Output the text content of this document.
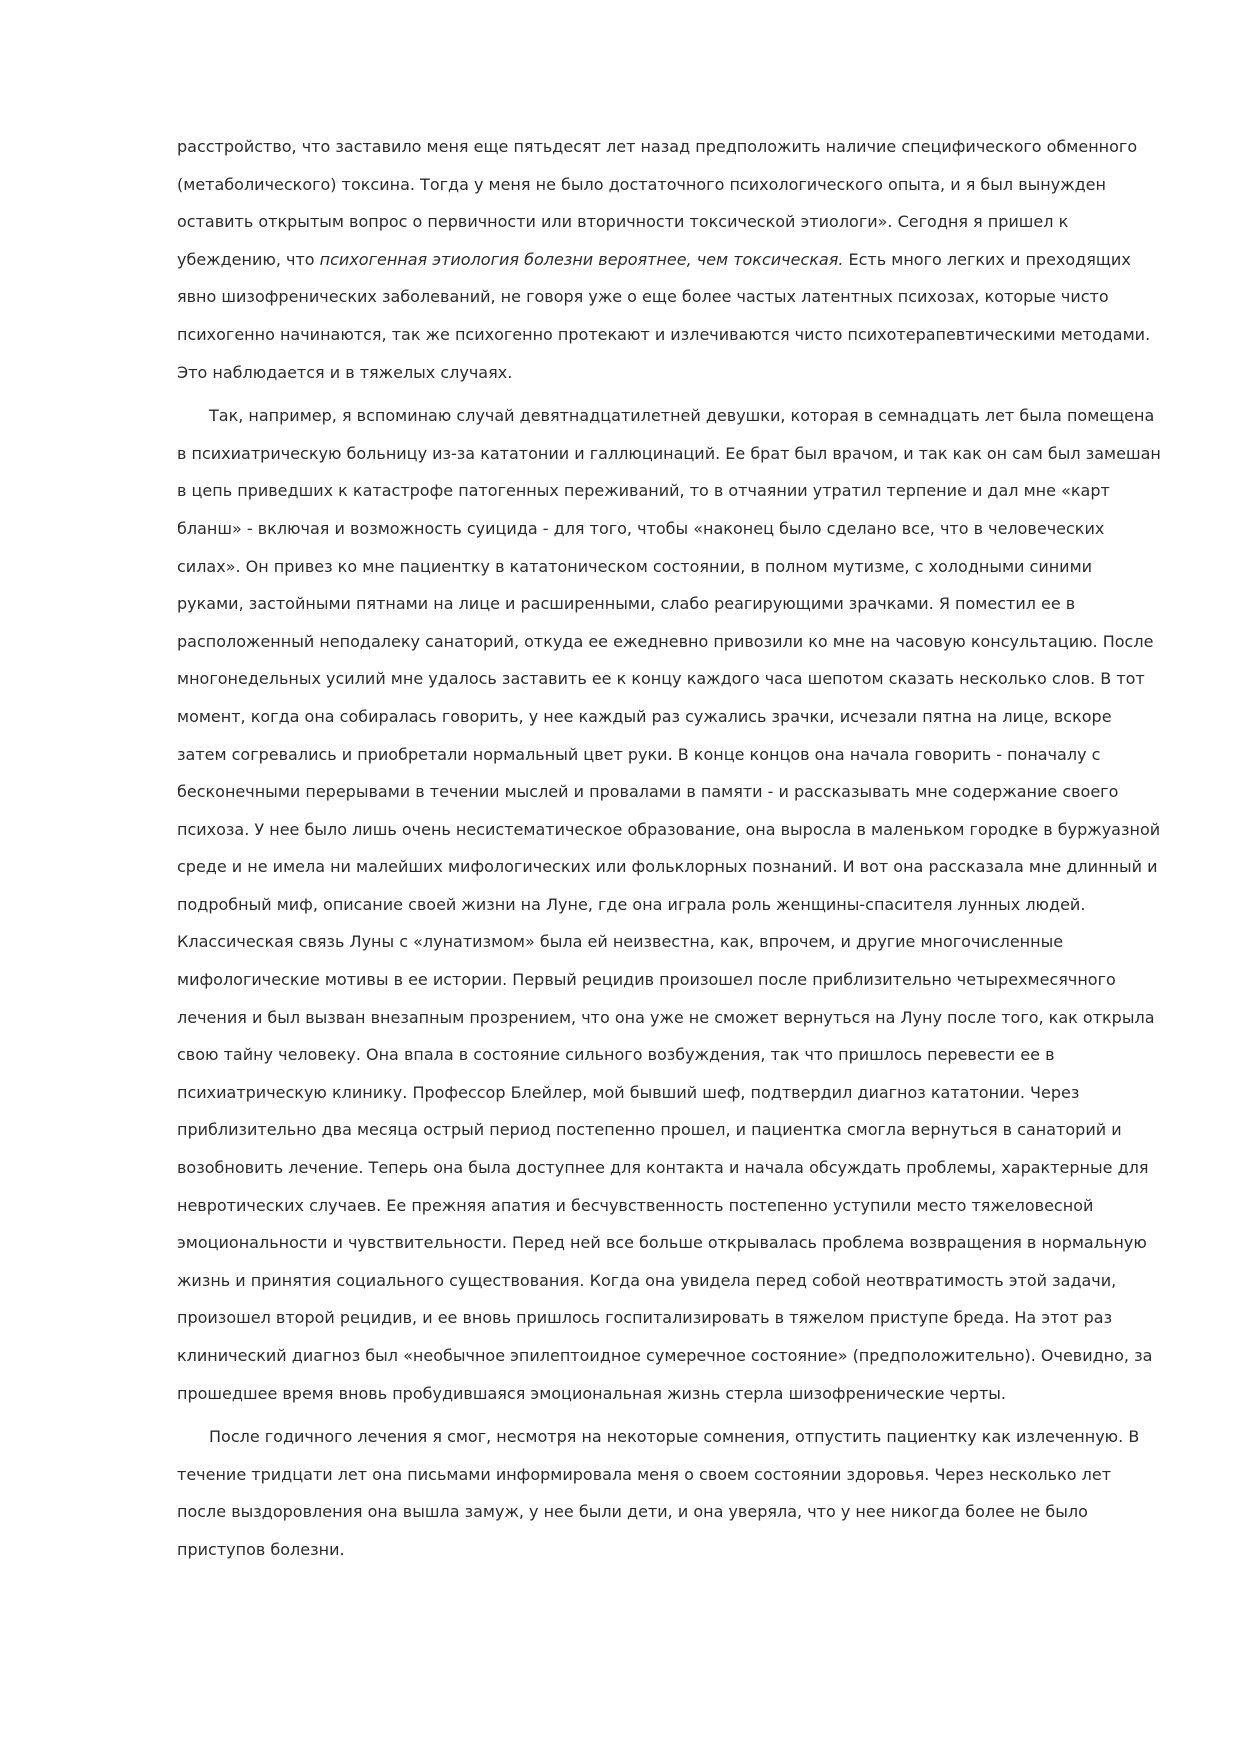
расстройство, что заставило меня еще пятьдесят лет назад предположить наличие специфического обменного (метаболического) токсина. Тогда у меня не было достаточного психологического опыта, и я был вынужден оставить открытым вопрос о первичности или вторичности токсической этиологи». Сегодня я пришел к убеждению, что психогенная этиология болезни вероятнее, чем токсическая. Есть много легких и преходящих явно шизофренических заболеваний, не говоря уже о еще более частых латентных психозах, которые чисто психогенно начинаются, так же психогенно протекают и излечиваются чисто психотерапевтическими методами. Это наблюдается и в тяжелых случаях.

Так, например, я вспоминаю случай девятнадцатилетней девушки, которая в семнадцать лет была помещена в психиатрическую больницу из-за кататонии и галлюцинаций. Ее брат был врачом, и так как он сам был замешан в цепь приведших к катастрофе патогенных переживаний, то в отчаянии утратил терпение и дал мне «карт бланш» - включая и возможность суицида - для того, чтобы «наконец было сделано все, что в человеческих силах». Он привез ко мне пациентку в кататоническом состоянии, в полном мутизме, с холодными синими руками, застойными пятнами на лице и расширенными, слабо реагирующими зрачками. Я поместил ее в расположенный неподалеку санаторий, откуда ее ежедневно привозили ко мне на часовую консультацию. После многонедельных усилий мне удалось заставить ее к концу каждого часа шепотом сказать несколько слов. В тот момент, когда она собиралась говорить, у нее каждый раз сужались зрачки, исчезали пятна на лице, вскоре затем согревались и приобретали нормальный цвет руки. В конце концов она начала говорить - поначалу с бесконечными перерывами в течении мыслей и провалами в памяти - и рассказывать мне содержание своего психоза. У нее было лишь очень несистематическое образование, она выросла в маленьком городке в буржуазной среде и не имела ни малейших мифологических или фольклорных познаний. И вот она рассказала мне длинный и подробный миф, описание своей жизни на Луне, где она играла роль женщины-спасителя лунных людей. Классическая связь Луны с «лунатизмом» была ей неизвестна, как, впрочем, и другие многочисленные мифологические мотивы в ее истории. Первый рецидив произошел после приблизительно четырехмесячного лечения и был вызван внезапным прозрением, что она уже не сможет вернуться на Луну после того, как открыла свою тайну человеку. Она впала в состояние сильного возбуждения, так что пришлось перевести ее в психиатрическую клинику. Профессор Блейлер, мой бывший шеф, подтвердил диагноз кататонии. Через приблизительно два месяца острый период постепенно прошел, и пациентка смогла вернуться в санаторий и возобновить лечение. Теперь она была доступнее для контакта и начала обсуждать проблемы, характерные для невротических случаев. Ее прежняя апатия и бесчувственность постепенно уступили место тяжеловесной эмоциональности и чувствительности. Перед ней все больше открывалась проблема возвращения в нормальную жизнь и принятия социального существования. Когда она увидела перед собой неотвратимость этой задачи, произошел второй рецидив, и ее вновь пришлось госпитализировать в тяжелом приступе бреда. На этот раз клинический диагноз был «необычное эпилептоидное сумеречное состояние» (предположительно). Очевидно, за прошедшее время вновь пробудившаяся эмоциональная жизнь стерла шизофренические черты.

После годичного лечения я смог, несмотря на некоторые сомнения, отпустить пациентку как излеченную. В течение тридцати лет она письмами информировала меня о своем состоянии здоровья. Через несколько лет после выздоровления она вышла замуж, у нее были дети, и она уверяла, что у нее никогда более не было приступов болезни.
